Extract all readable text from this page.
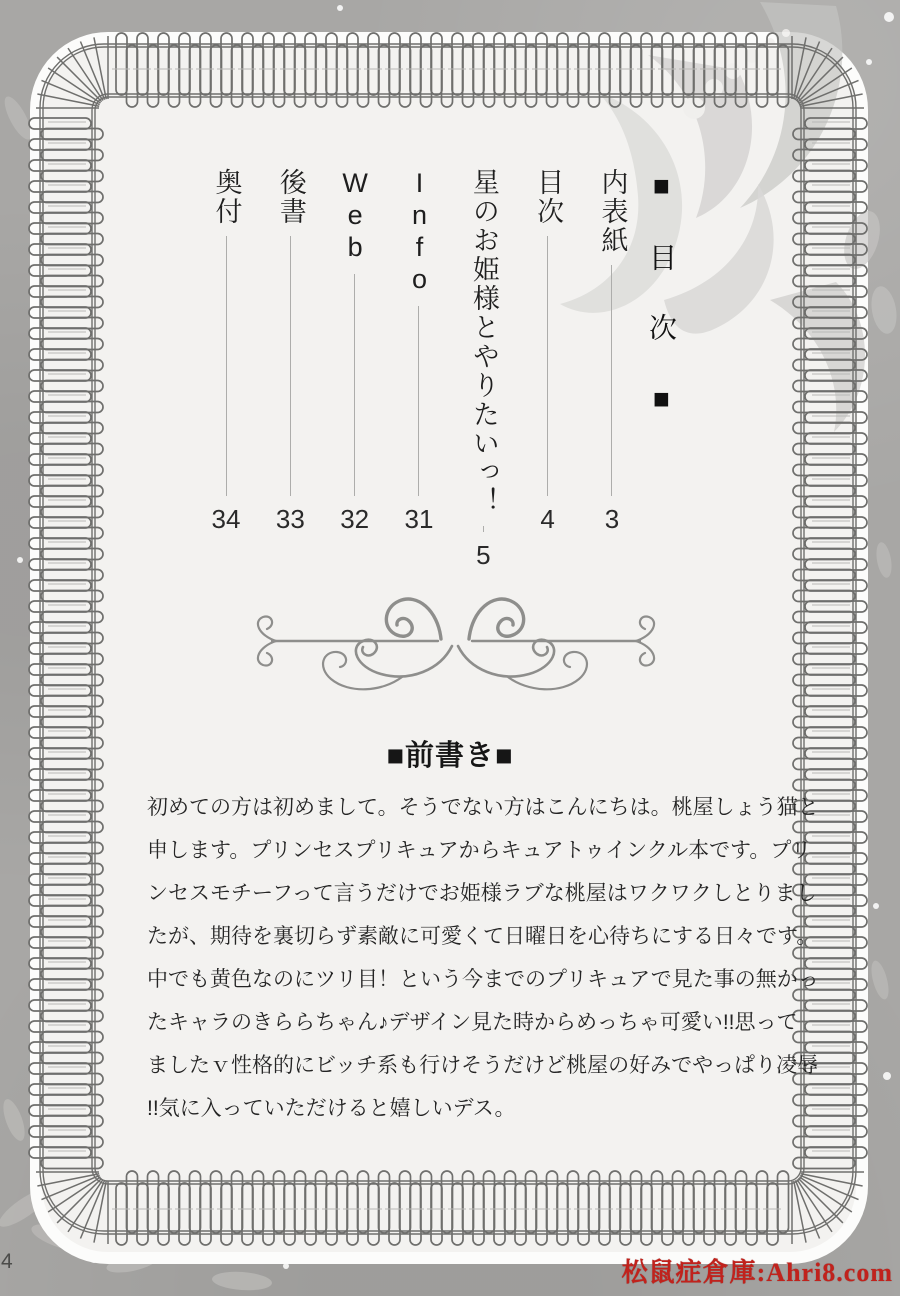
■　目　次　■
内表紙
3
目次
4
星のお姫様とやりたいっ！
5
Info
31
Web
32
後書
33
奥付
34
■前書き■
初めての方は初めまして。そうでない方はこんにちは。桃屋しょう猫と
申します。プリンセスプリキュアからキュアトゥインクル本です。プリ
ンセスモチーフって言うだけでお姫様ラブな桃屋はワクワクしとりまし
たが、期待を裏切らず素敵に可愛くて日曜日を心待ちにする日々です。
中でも黄色なのにツリ目！という今までのプリキュアで見た事の無かっ
たキャラのきららちゃん♪デザイン見た時からめっちゃ可愛い!!思って
ましたｖ性格的にビッチ系も行けそうだけど桃屋の好みでやっぱり凌辱
!!気に入っていただけると嬉しいデス。
松鼠症倉庫:Ahri8.com
4
